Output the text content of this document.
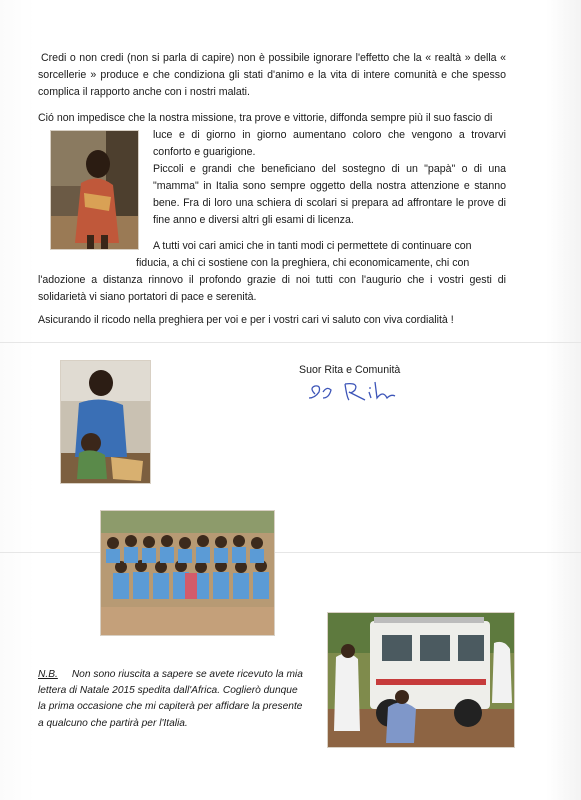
Credi o non credi (non si parla di capire) non è possibile ignorare l'effetto che la « realtà » della « sorcellerie » produce e che condiziona gli stati d'animo e la vita di intere comunità e che spesso complica il rapporto anche con i nostri malati.

Ció non impedisce che la nostra missione, tra prove e vittorie, diffonda sempre più il suo fascio di

luce e di giorno in giorno aumentano coloro che vengono a trovarvi conforto e guarigione.

Piccoli e grandi che beneficiano del sostegno di un "papà" o di una "mamma" in Italia sono sempre oggetto della nostra attenzione e stanno bene. Fra di loro una schiera di scolari si prepara ad affrontare le prove di fine anno e diversi altri gli esami di licenza.

A tutti voi cari amici che in tanti modi ci permettete di continuare con

fiducia, a chi ci sostiene con la preghiera, chi economicamente, chi con

l'adozione a distanza rinnovo il profondo grazie di noi tutti con l'augurio che i vostri gesti di solidarietà vi siano portatori di pace e serenità.

Asicurando il ricodo nella preghiera per voi e per i vostri cari vi saluto con viva cordialità !

Suor Rita e Comunità

N.B. Non sono riuscita a sapere se avete ricevuto la mia lettera di Natale 2015 spedita dall'Africa. Coglierò dunque la prima occasione che mi capiterà per affidare la presente a qualcuno che partirà per l'Italia.
